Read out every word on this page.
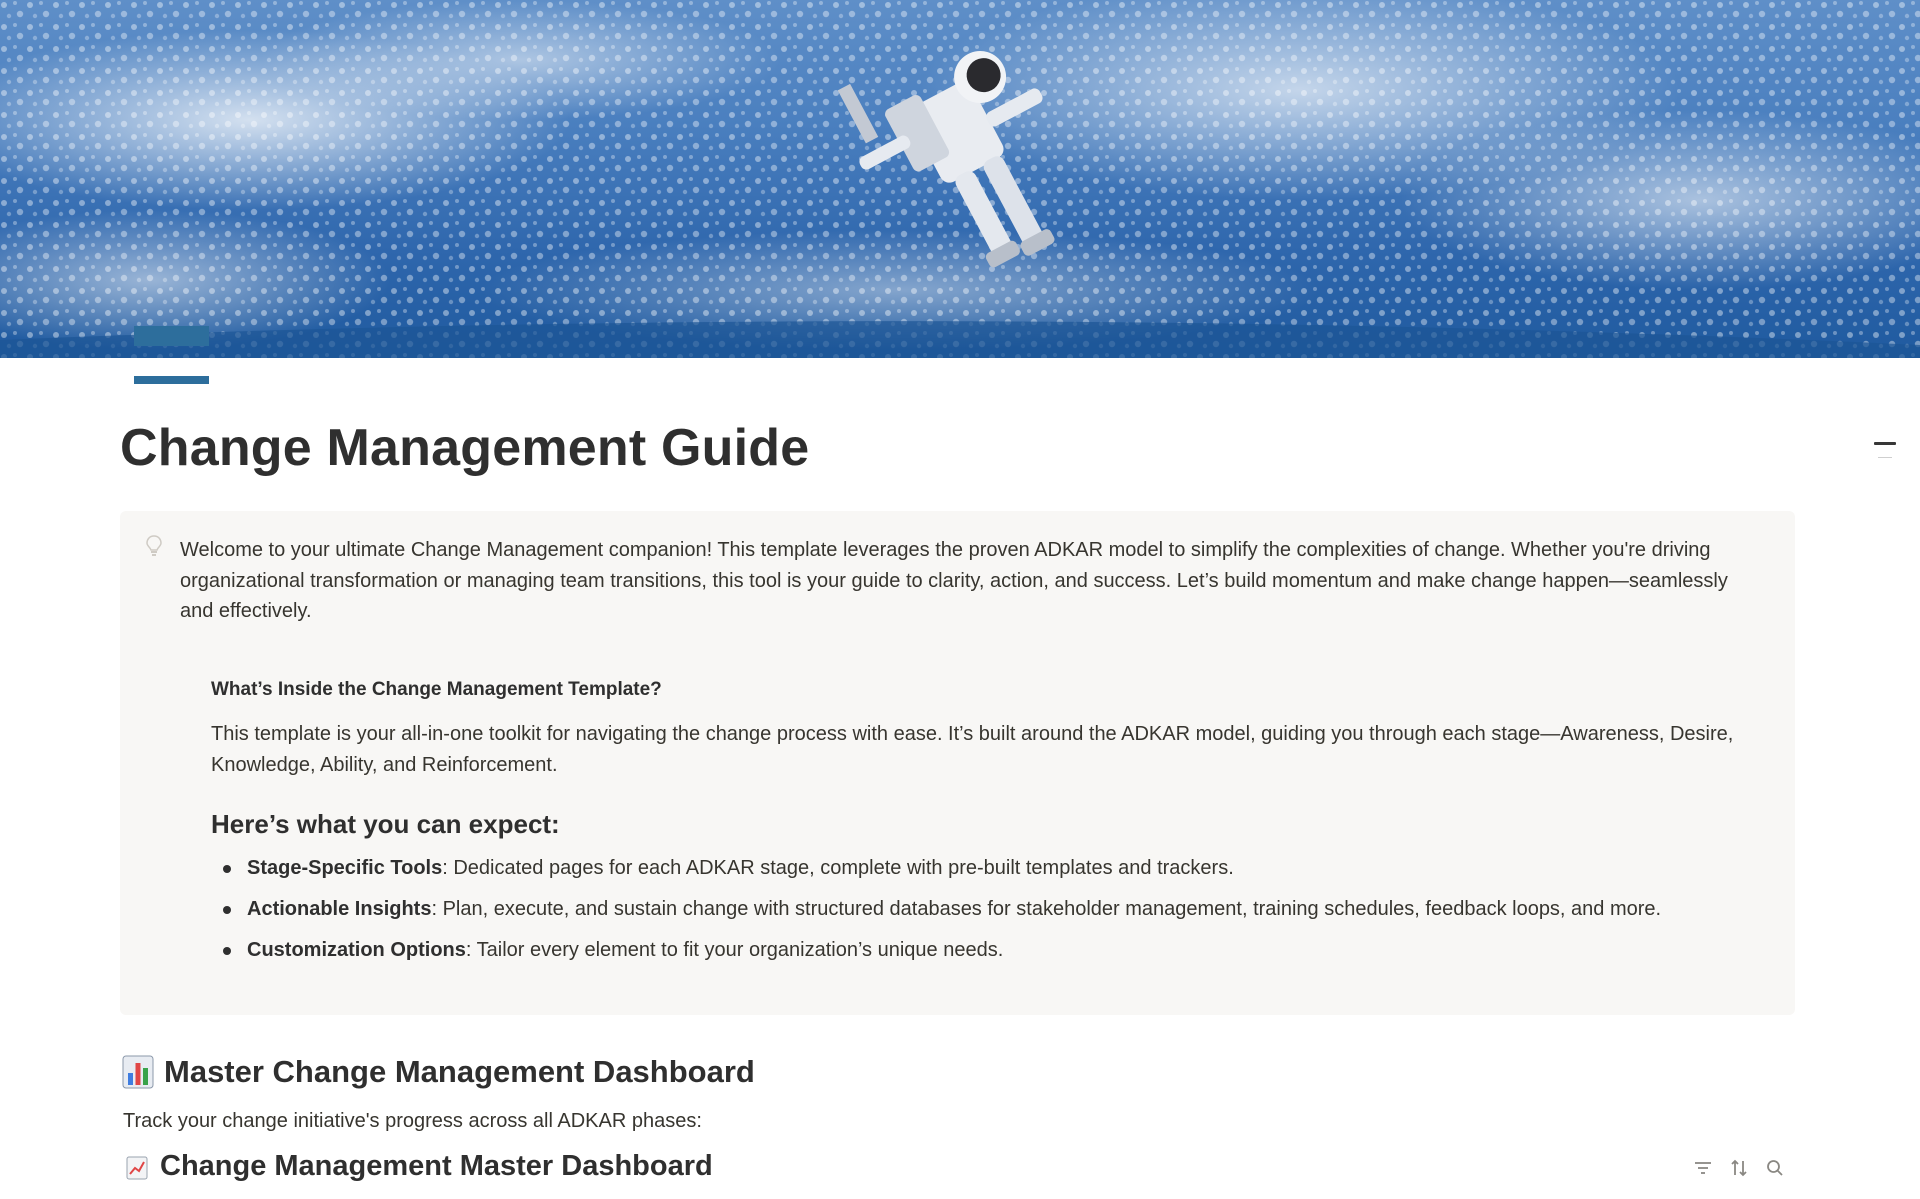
Change Management Guide

Welcome to your ultimate Change Management companion! This template leverages the proven ADKAR model to simplify the complexities of change. Whether you're driving organizational transformation or managing team transitions, this tool is your guide to clarity, action, and success. Let’s build momentum and make change happen—seamlessly and effectively.

What’s Inside the Change Management Template?

This template is your all-in-one toolkit for navigating the change process with ease. It’s built around the ADKAR model, guiding you through each stage—Awareness, Desire, Knowledge, Ability, and Reinforcement.

Here’s what you can expect:
Stage-Specific Tools: Dedicated pages for each ADKAR stage, complete with pre-built templates and trackers.
Actionable Insights: Plan, execute, and sustain change with structured databases for stakeholder management, training schedules, feedback loops, and more.
Customization Options: Tailor every element to fit your organization’s unique needs.
Master Change Management Dashboard

Track your change initiative's progress across all ADKAR phases:

Change Management Master Dashboard
